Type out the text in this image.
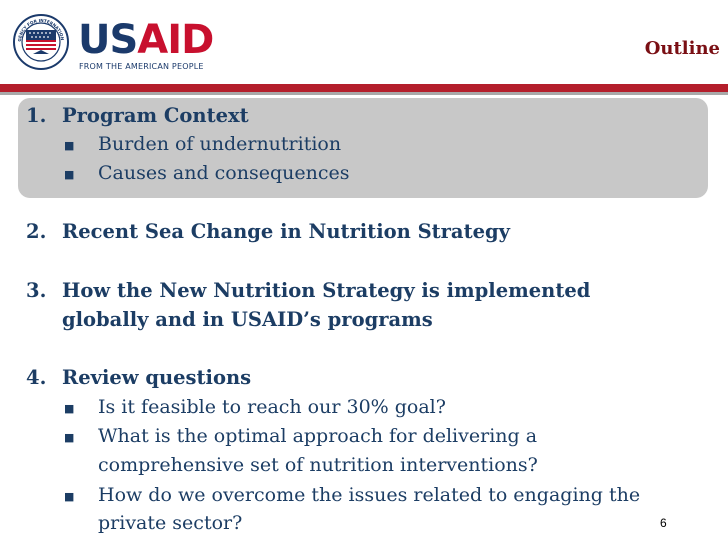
GENCY FOR INTERNATION USAID
FROM THE AMERICAN PEOPLE
Outline
1. Program Context
■ Burden of undernutrition
■ Causes and consequences
2. Recent Sea Change in Nutrition Strategy
3. How the New Nutrition Strategy is implemented
globally and in USAID’s programs
4. Review questions
■ Is it feasible to reach our 30% goal?
■ What is the optimal approach for delivering a
comprehensive set of nutrition interventions?
■ How do we overcome the issues related to engaging the
private sector?	6
